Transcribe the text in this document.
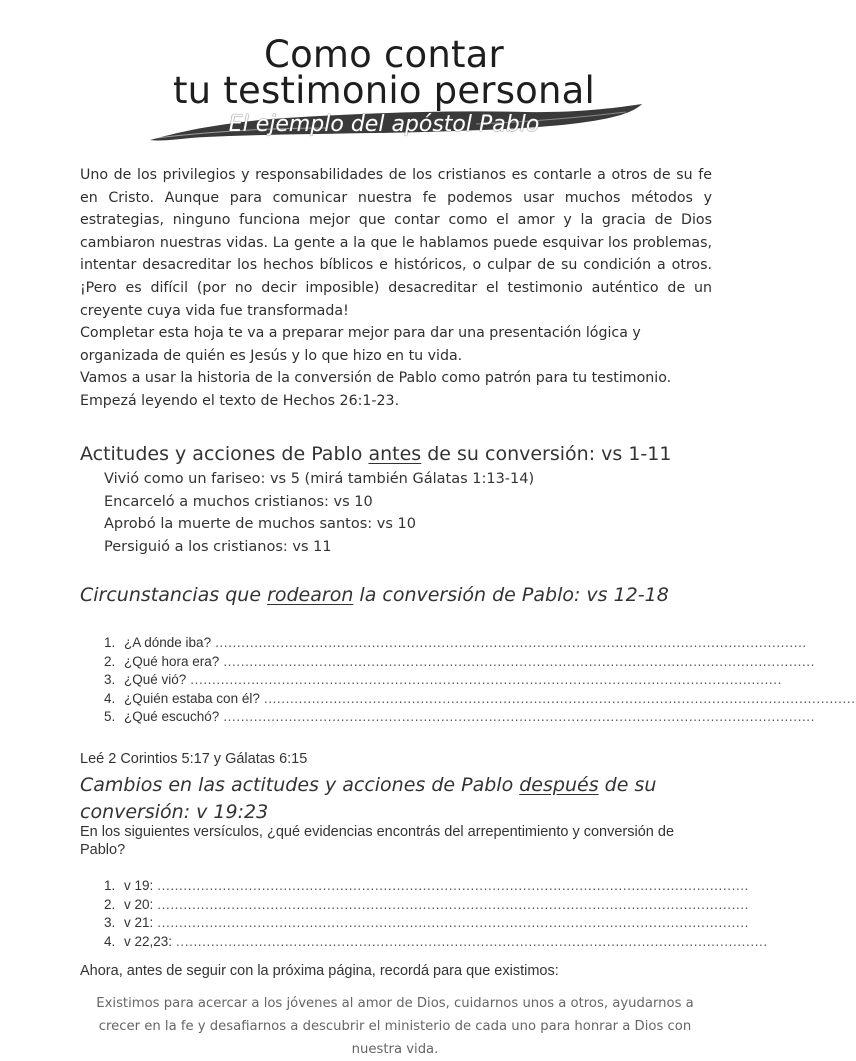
Como contar
tu testimonio personal
El ejemplo del apóstol Pablo

Uno de los privilegios y responsabilidades de los cristianos es contarle a otros de su fe en Cristo. Aunque para comunicar nuestra fe podemos usar muchos métodos y estrategias, ninguno funciona mejor que contar como el amor y la gracia de Dios cambiaron nuestras vidas. La gente a la que le hablamos puede esquivar los problemas, intentar desacreditar los hechos bíblicos e históricos, o culpar de su condición a otros. ¡Pero es difícil (por no decir imposible) desacreditar el testimonio auténtico de un creyente cuya vida fue transformada!

Completar esta hoja te va a preparar mejor para dar una presentación lógica y organizada de quién es Jesús y lo que hizo en tu vida.

Vamos a usar la historia de la conversión de Pablo como patrón para tu testimonio.

Empezá leyendo el texto de Hechos 26:1-23.

Actitudes y acciones de Pablo antes de su conversión: vs 1-11
Vivió como un fariseo: vs 5 (mirá también Gálatas 1:13-14)
Encarceló a muchos cristianos: vs 10
Aprobó la muerte de muchos santos: vs 10
Persiguió a los cristianos: vs 11
Circunstancias que rodearon la conversión de Pablo: vs 12-18
1. ¿A dónde iba? ........................................................................................................................................
2. ¿Qué hora era? ........................................................................................................................................
3. ¿Qué vió? ........................................................................................................................................
4. ¿Quién estaba con él? ........................................................................................................................................
5. ¿Qué escuchó? ........................................................................................................................................
Leé 2 Corintios 5:17 y Gálatas 6:15
Cambios en las actitudes y acciones de Pablo después de su conversión: v 19:23
En los siguientes versículos, ¿qué evidencias encontrás del arrepentimiento y conversión de Pablo?
1. v 19: ........................................................................................................................................
2. v 20: ........................................................................................................................................
3. v 21: ........................................................................................................................................
4. v 22,23: ........................................................................................................................................
Ahora, antes de seguir con la próxima página, recordá para que existimos:
Existimos para acercar a los jóvenes al amor de Dios, cuidarnos unos a otros, ayudarnos a crecer en la fe y desafiarnos a descubrir el ministerio de cada uno para honrar a Dios con nuestra vida.
